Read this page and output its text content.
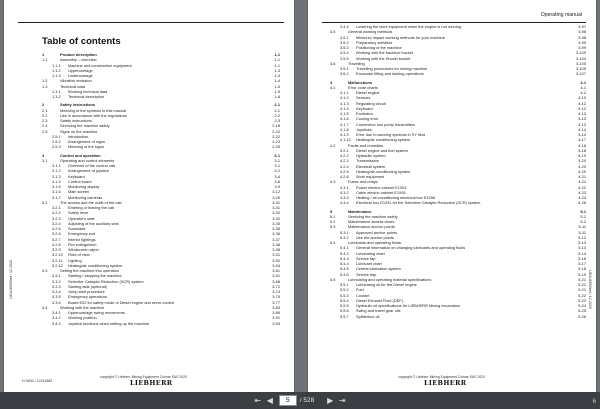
Table of contents
1	Product description	1-1
1.1	Assembly – overview	1-1
1.1.1 Machine and construction equipment	1-1
1.1.2 Uppercarriage	1-3
1.1.3 Undercarriage	1-4
1.2	Vibration emission	1-4
1.3	Technical data	1-5
1.3.1 Working technical data	1-5
1.3.2 Technical description	1-8
2	Safety instructions	2-1
2.1	Meaning of the symbols in this manual	2-1
2.2	Use in accordance with the regulations	2-2
2.3	Safety instructions	2-3
2.4	Servicing the machine safely	2-18
2.5	Signs on the machine	2-22
2.5.1 Introduction	2-22
2.5.2 Arrangement of signs	2-23
2.5.3 Meaning of the signs	2-25
3	Control and operation	3-1
3.1	Operating and control elements	3-1
3.1.1 Overview of the control cab	3-1
3.1.2 Arrangement of joystick	3-2
3.1.3 Keyboard	3-4
3.1.4 Control board	3-6
3.1.5 Monitoring display	3-9
3.1.6 Main screen	3-12
3.1.7 Monitoring cameras	3-29
3.2	The access and the outfit of the cab	3-31
3.2.1 Entering or leaving the cab	3-31
3.2.2 Safety lever	3-32
3.2.3 Operator's seat	3-32
3.2.4 Adjusting of the auxiliary seat	3-35
3.2.5 Sunshade	3-35
3.2.6 Emergency exit	3-36
3.2.7 Interior lightings	3-37
3.2.8 Fire extinguisher	3-38
3.2.9 Windscreen wiper	3-38
3.2.10 Field of view	3-51
3.2.11 Lighting	3-52
3.2.12 Heating/air conditioning system	3-54
3.3	Setting the machine into operation	3-61
3.3.1 Starting / stopping the machine	3-61
3.3.2 Selective Catalytic Reduction (SCR) system	3-68
3.3.3 Starting aids (optional)	3-72
3.3.4 Jump start procedure	3-74
3.3.5 Emergency operations	3-75
3.3.6 Board E02 for safety mode of Diesel engine and servo control	3-77
3.4	Working with the machine	3-83
3.4.1 Uppercarriage swing movements	3-89
3.4.2 Working position	3-91
3.4.3 Joystick functions when setting up the machine	3-93
LIEA46560bet / 12 2020
H 9400 / 12211682
copyright © Liebherr-Mining Equipment Colmar SAS 2020
LIEBHERR
Operating manual
3.4.4 Lowering the work equipment when the engine is not running	3-97
3.5	General working methods	3-98
3.5.1 Minimum impact working methods for your machine	3-98
3.5.2 Preparatory activities	3-99
3.5.3 Positioning of the machine	3-99
3.5.4 Working with the backhoe bucket	3-100
3.5.5 Working with the Shovel bucket	3-103
3.6	Travelling	3-105
3.6.1 Travelling procedures for mining machine	3-105
3.6.2 Excavator lifting and lashing operations	3-107
4	Malfunctions	4-1
4.1	Error code charts	4-1
4.1.1 Diesel engine	4-2
4.1.2 Sensors	4-10
4.1.3 Regulating circuit	4-12
4.1.4 Keyboard	4-12
4.1.5 Excitation	4-13
4.1.6 Cooling error	4-13
4.1.7 Connection box pump transmitters	4-13
4.1.8 Joysticks	4-14
4.1.9 Error due to warning symbols in SY field	4-14
4.1.10 Heating/air conditioning system	4-17
4.2	Faults and remedies	4-18
4.2.1 Diesel engine and fuel system	4-18
4.2.2 Hydraulic system	4-19
4.2.3 Transmission	4-20
4.2.4 Electrical system	4-20
4.2.5 Heating/air-conditioning system	4-20
4.2.6 Work equipment	4-21
4.3	Fuses and relays	4-21
4.3.1 Power electric cabinet E1003	4-22
4.3.2 Cabin electric cabinet E1005	4-23
4.3.3 Heating / air-conditioning electrical box E1006	4-24
4.3.4 Electrical box E1291 for the Selective Catalytic Reduction (SCR) system	4-26
5	Maintenance	5-1
5.1	Servicing the machine safely	5-1
5.2	Maintenance access doors	5-2
5.3	Maintenance anchor points	5-11
5.3.1 Approved anchor points	5-11
5.3.2 Use the anchor points	5-12
5.4	Lubricants and operating fluids	5-13
5.4.1 General information on changing lubricants and operating fluids	5-13
5.4.2 Lubricating chart	5-14
5.4.3 Service tap	5-16
5.4.4 Lubricant chart	5-17
5.4.5 Central lubrication system	5-18
5.4.6 Service flap	5-19
5.5	Lubricating and operating material specifications	5-21
5.5.1 Lubricating oil for the Diesel engine	5-21
5.5.2 Fuel	5-21
5.5.3 Coolant	5-22
5.5.4 Diesel Exhaust Fluid (DEF)	5-23
5.5.5 Hydraulic oil specifications for LIEBHERR Mining excavators	5-24
5.5.6 Swing and travel gear oils	5-25
5.5.7 Splitterbox oil	5-26
LIEA46560bet / 12 2020
copyright © Liebherr-Mining Equipment Colmar SAS 2020
LIEBHERR
⇤ ◀	5	/ 528	▶ ⇥	6
